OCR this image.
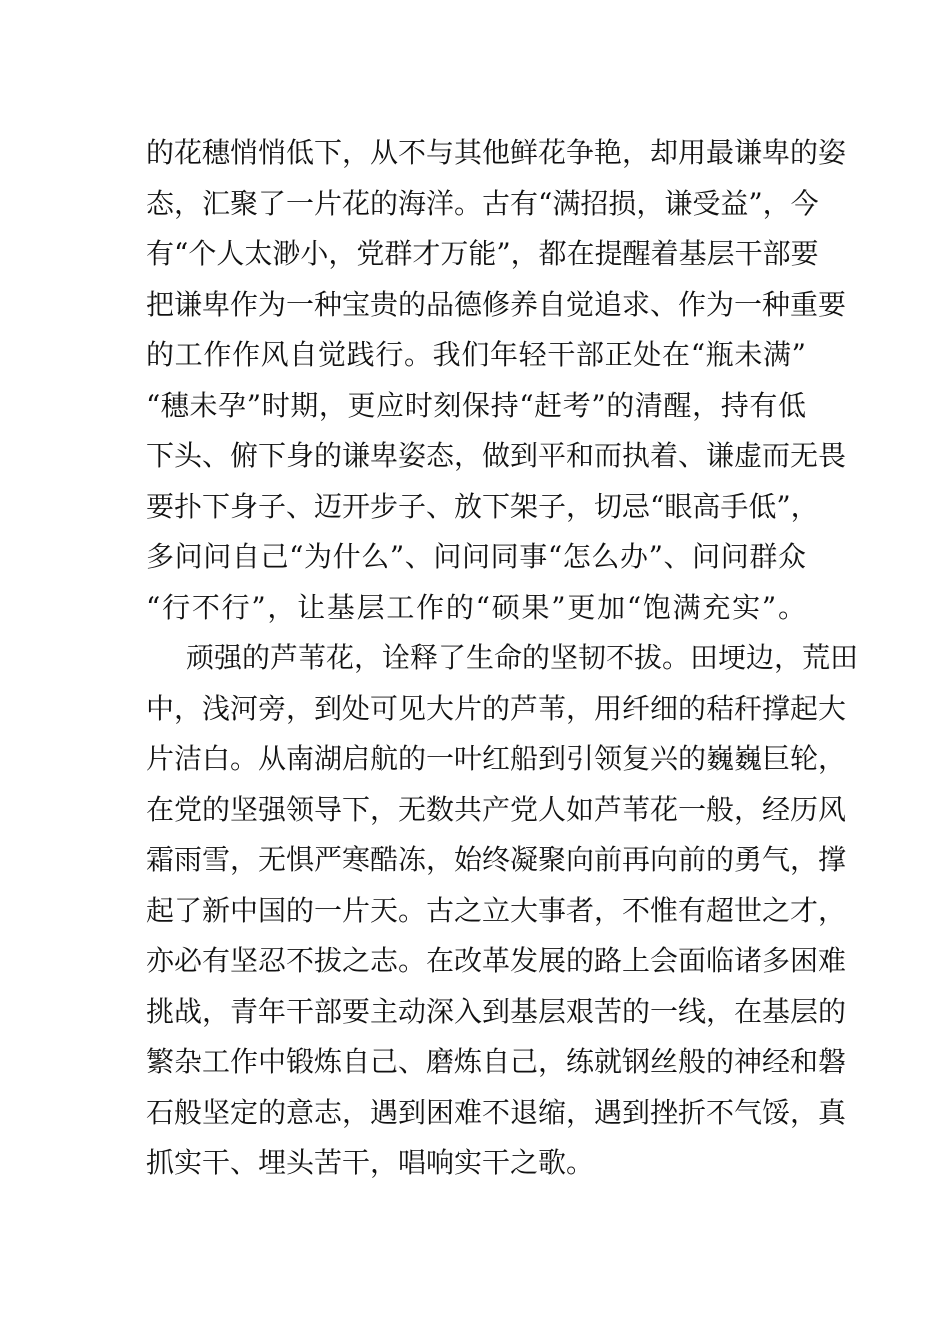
的花穗悄悄低下，从不与其他鲜花争艳，却用最谦卑的姿
态，汇聚了一片花的海洋。古有“满招损，谦受益”，今
有“个人太渺小，党群才万能”，都在提醒着基层干部要
把谦卑作为一种宝贵的品德修养自觉追求、作为一种重要
的工作作风自觉践行。我们年轻干部正处在“瓶未满”
“穗未孕”时期，更应时刻保持“赶考”的清醒，持有低
下头、俯下身的谦卑姿态，做到平和而执着、谦虚而无畏
要扑下身子、迈开步子、放下架子，切忌“眼高手低”，
多问问自己“为什么”、问问同事“怎么办”、问问群众
“行不行”，让基层工作的“硕果”更加“饱满充实”。
顽强的芦苇花，诠释了生命的坚韧不拔。田埂边，荒田
中，浅河旁，到处可见大片的芦苇，用纤细的秸秆撑起大
片洁白。从南湖启航的一叶红船到引领复兴的巍巍巨轮，
在党的坚强领导下，无数共产党人如芦苇花一般，经历风
霜雨雪，无惧严寒酷冻，始终凝聚向前再向前的勇气，撑
起了新中国的一片天。古之立大事者，不惟有超世之才，
亦必有坚忍不拔之志。在改革发展的路上会面临诸多困难
挑战，青年干部要主动深入到基层艰苦的一线，在基层的
繁杂工作中锻炼自己、磨炼自己，练就钢丝般的神经和磐
石般坚定的意志，遇到困难不退缩，遇到挫折不气馁，真
抓实干、埋头苦干，唱响实干之歌。
